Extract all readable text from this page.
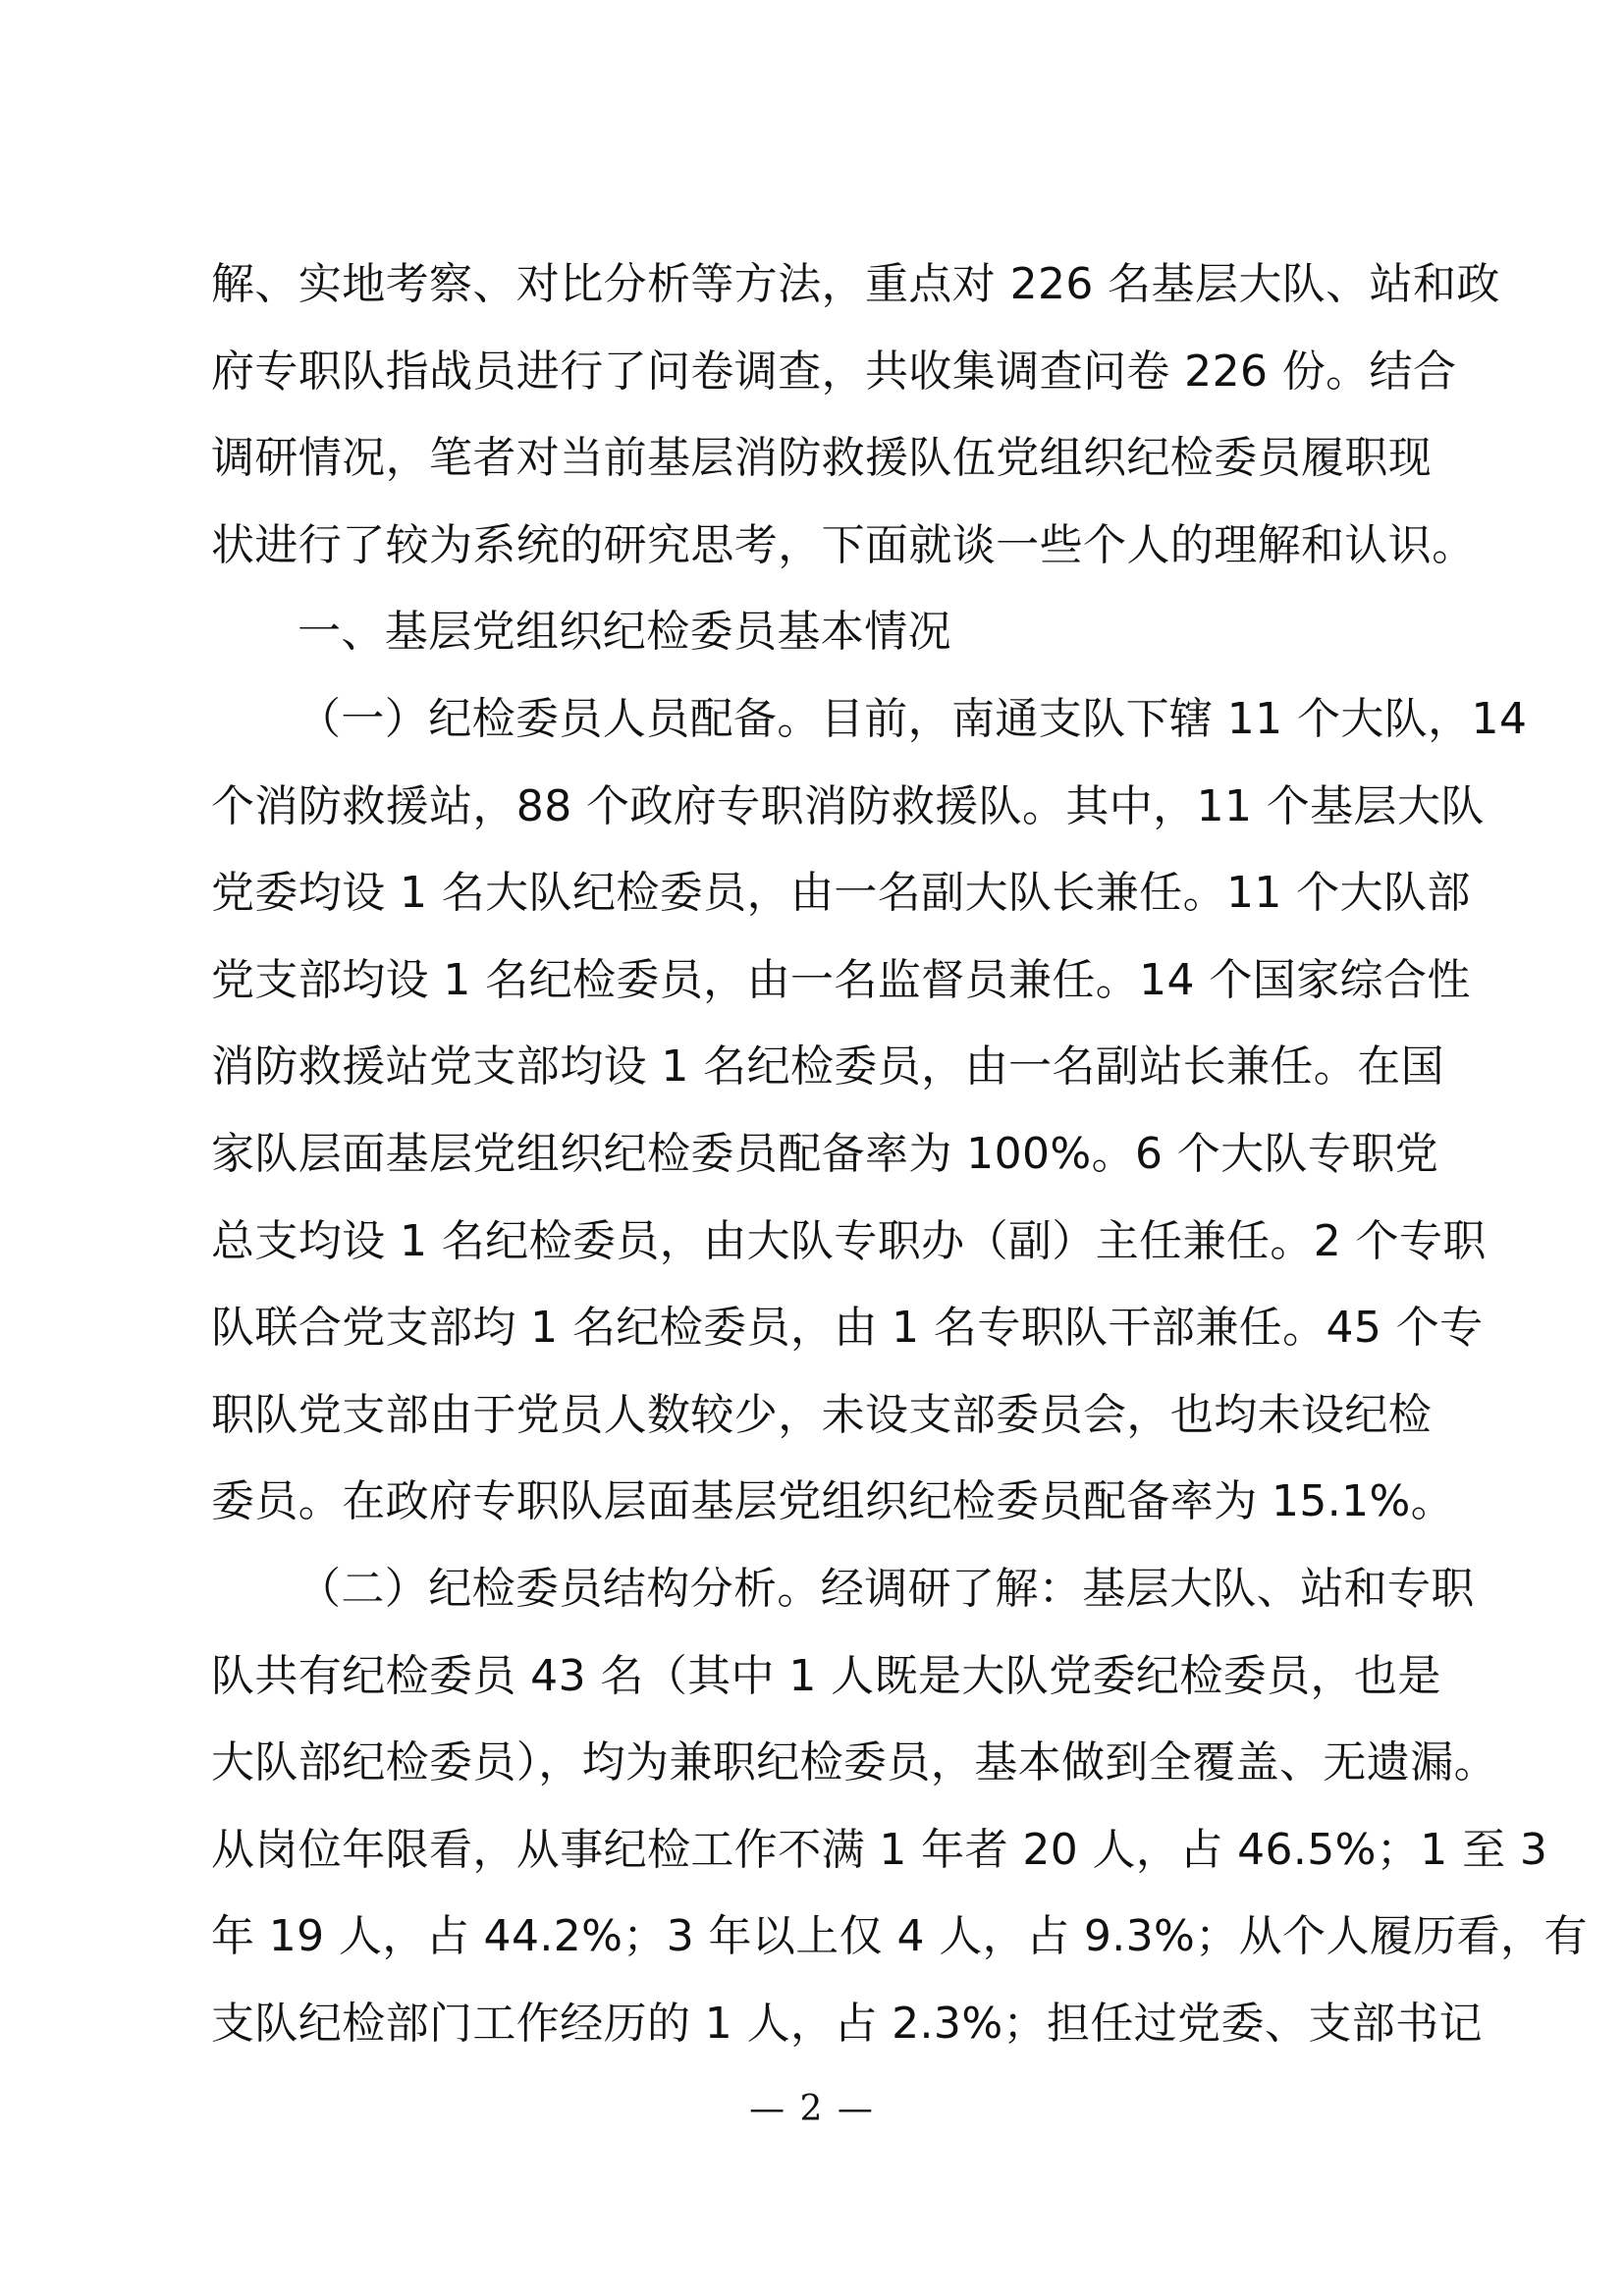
解、实地考察、对比分析等方法，重点对 226 名基层大队、站和政
府专职队指战员进行了问卷调查，共收集调查问卷 226 份。结合
调研情况，笔者对当前基层消防救援队伍党组织纪检委员履职现
状进行了较为系统的研究思考，下面就谈一些个人的理解和认识。
一、基层党组织纪检委员基本情况
（一）纪检委员人员配备。目前，南通支队下辖 11 个大队，14
个消防救援站，88 个政府专职消防救援队。其中，11 个基层大队
党委均设 1 名大队纪检委员，由一名副大队长兼任。11 个大队部
党支部均设 1 名纪检委员，由一名监督员兼任。14 个国家综合性
消防救援站党支部均设 1 名纪检委员，由一名副站长兼任。在国
家队层面基层党组织纪检委员配备率为 100%。6 个大队专职党
总支均设 1 名纪检委员，由大队专职办（副）主任兼任。2 个专职
队联合党支部均 1 名纪检委员，由 1 名专职队干部兼任。45 个专
职队党支部由于党员人数较少，未设支部委员会，也均未设纪检
委员。在政府专职队层面基层党组织纪检委员配备率为 15.1%。
（二）纪检委员结构分析。经调研了解：基层大队、站和专职
队共有纪检委员 43 名（其中 1 人既是大队党委纪检委员，也是
大队部纪检委员），均为兼职纪检委员，基本做到全覆盖、无遗漏。
从岗位年限看，从事纪检工作不满 1 年者 20 人，占 46.5%；1 至 3
年 19 人，占 44.2%；3 年以上仅 4 人，占 9.3%；从个人履历看，有
支队纪检部门工作经历的 1 人，占 2.3%；担任过党委、支部书记
— 2 —
